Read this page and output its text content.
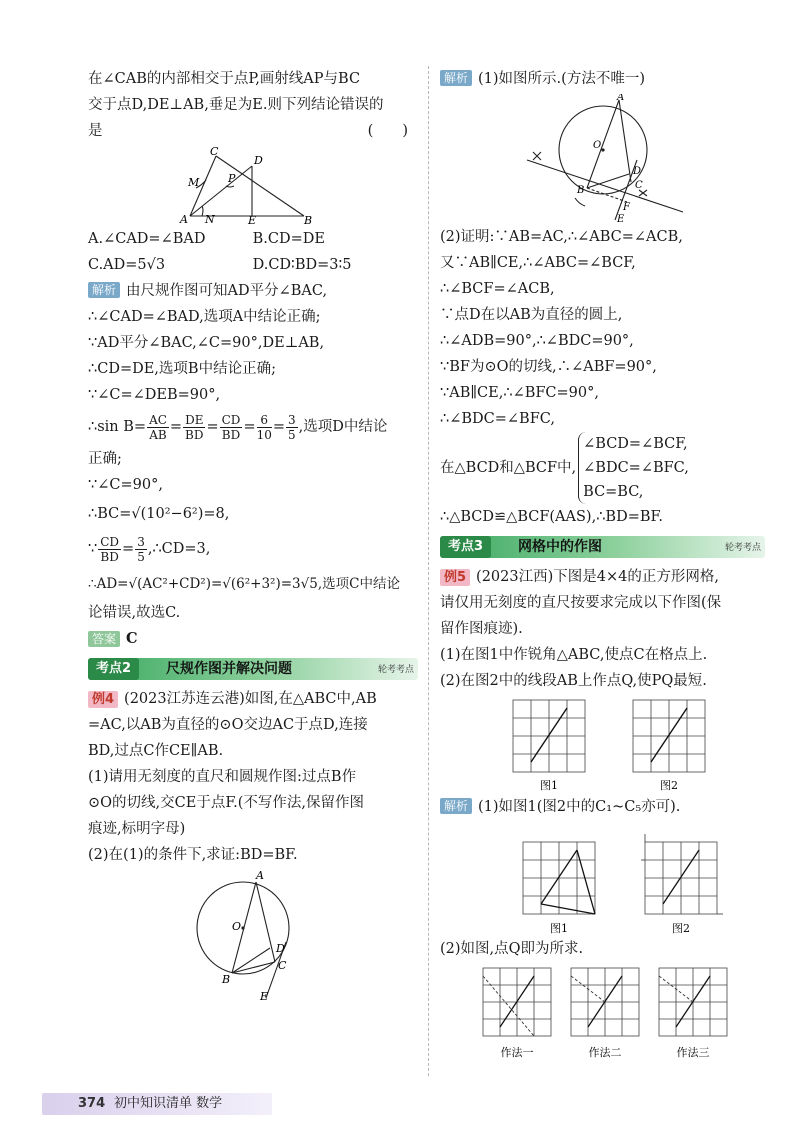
在∠CAB的内部相交于点P,画射线AP与BC
交于点D,DE⊥AB,垂足为E.则下列结论错误的
是	(　　)
C
D
M	P
A N	E	B
A.∠CAD=∠BAD	B.CD=DE
C.AD=5√3	D.CD∶BD=3∶5
解析 由尺规作图可知AD平分∠BAC,
∴∠CAD=∠BAD,选项A中结论正确;
∵AD平分∠BAC,∠C=90°,DE⊥AB,
∴CD=DE,选项B中结论正确;
∵∠C=∠DEB=90°,
∴sin $B= \frac{AC}{AB} = \frac{DE}{BD} = \frac{CD}{BD} = \frac{6}{10} = \frac{3}{5}$ ,选项D中结论
正确;
∵∠C=90°,
∴BC=√(10²−6²)=8,
∵ $\frac{CD}{BD} = \frac{3}{5}$ ,∴CD=3,
∴AD=√(AC²+CD²)=√(6²+3²)=3√5,选项C中结论
论错误,故选C.
答案 C
考点2	尺规作图并解决问题	轮考考点
例4 (2023江苏连云港)如图,在△ABC中,AB
=AC,以AB为直径的⊙O交边AC于点D,连接
BD,过点C作CE∥AB.
(1)请用无刻度的直尺和圆规作图:过点B作
⊙O的切线,交CE于点F.(不写作法,保留作图
痕迹,标明字母)
(2)在(1)的条件下,求证:BD=BF.
A
O
D
B
C
E
解析 (1)如图所示.(方法不唯一)
A
O
B
D
C
F
E
(2)证明:∵AB=AC,∴∠ABC=∠ACB,
又∵AB∥CE,∴∠ABC=∠BCF,
∴∠BCF=∠ACB,
∵点D在以AB为直径的圆上,
∴∠ADB=90°,∴∠BDC=90°,
∵BF为⊙O的切线,∴∠ABF=90°,
∵AB∥CE,∴∠BFC=90°,
∴∠BDC=∠BFC,
在△BCD和△BCF中,
∠BCD=∠BCF,
∠BDC=∠BFC,
BC=BC,
∴△BCD≌△BCF(AAS),∴BD=BF.
考点3	网格中的作图	轮考考点
例5 (2023江西)下图是4×4的正方形网格,
请仅用无刻度的直尺按要求完成以下作图(保
留作图痕迹).
(1)在图1中作锐角△ABC,使点C在格点上.
(2)在图2中的线段AB上作点Q,使PQ最短.
图1	图2
解析 (1)如图1(图2中的C₁~C₅亦可).
图1	图2
(2)如图,点Q即为所求.
作法一	作法二	作法三
374 初中知识清单 数学
